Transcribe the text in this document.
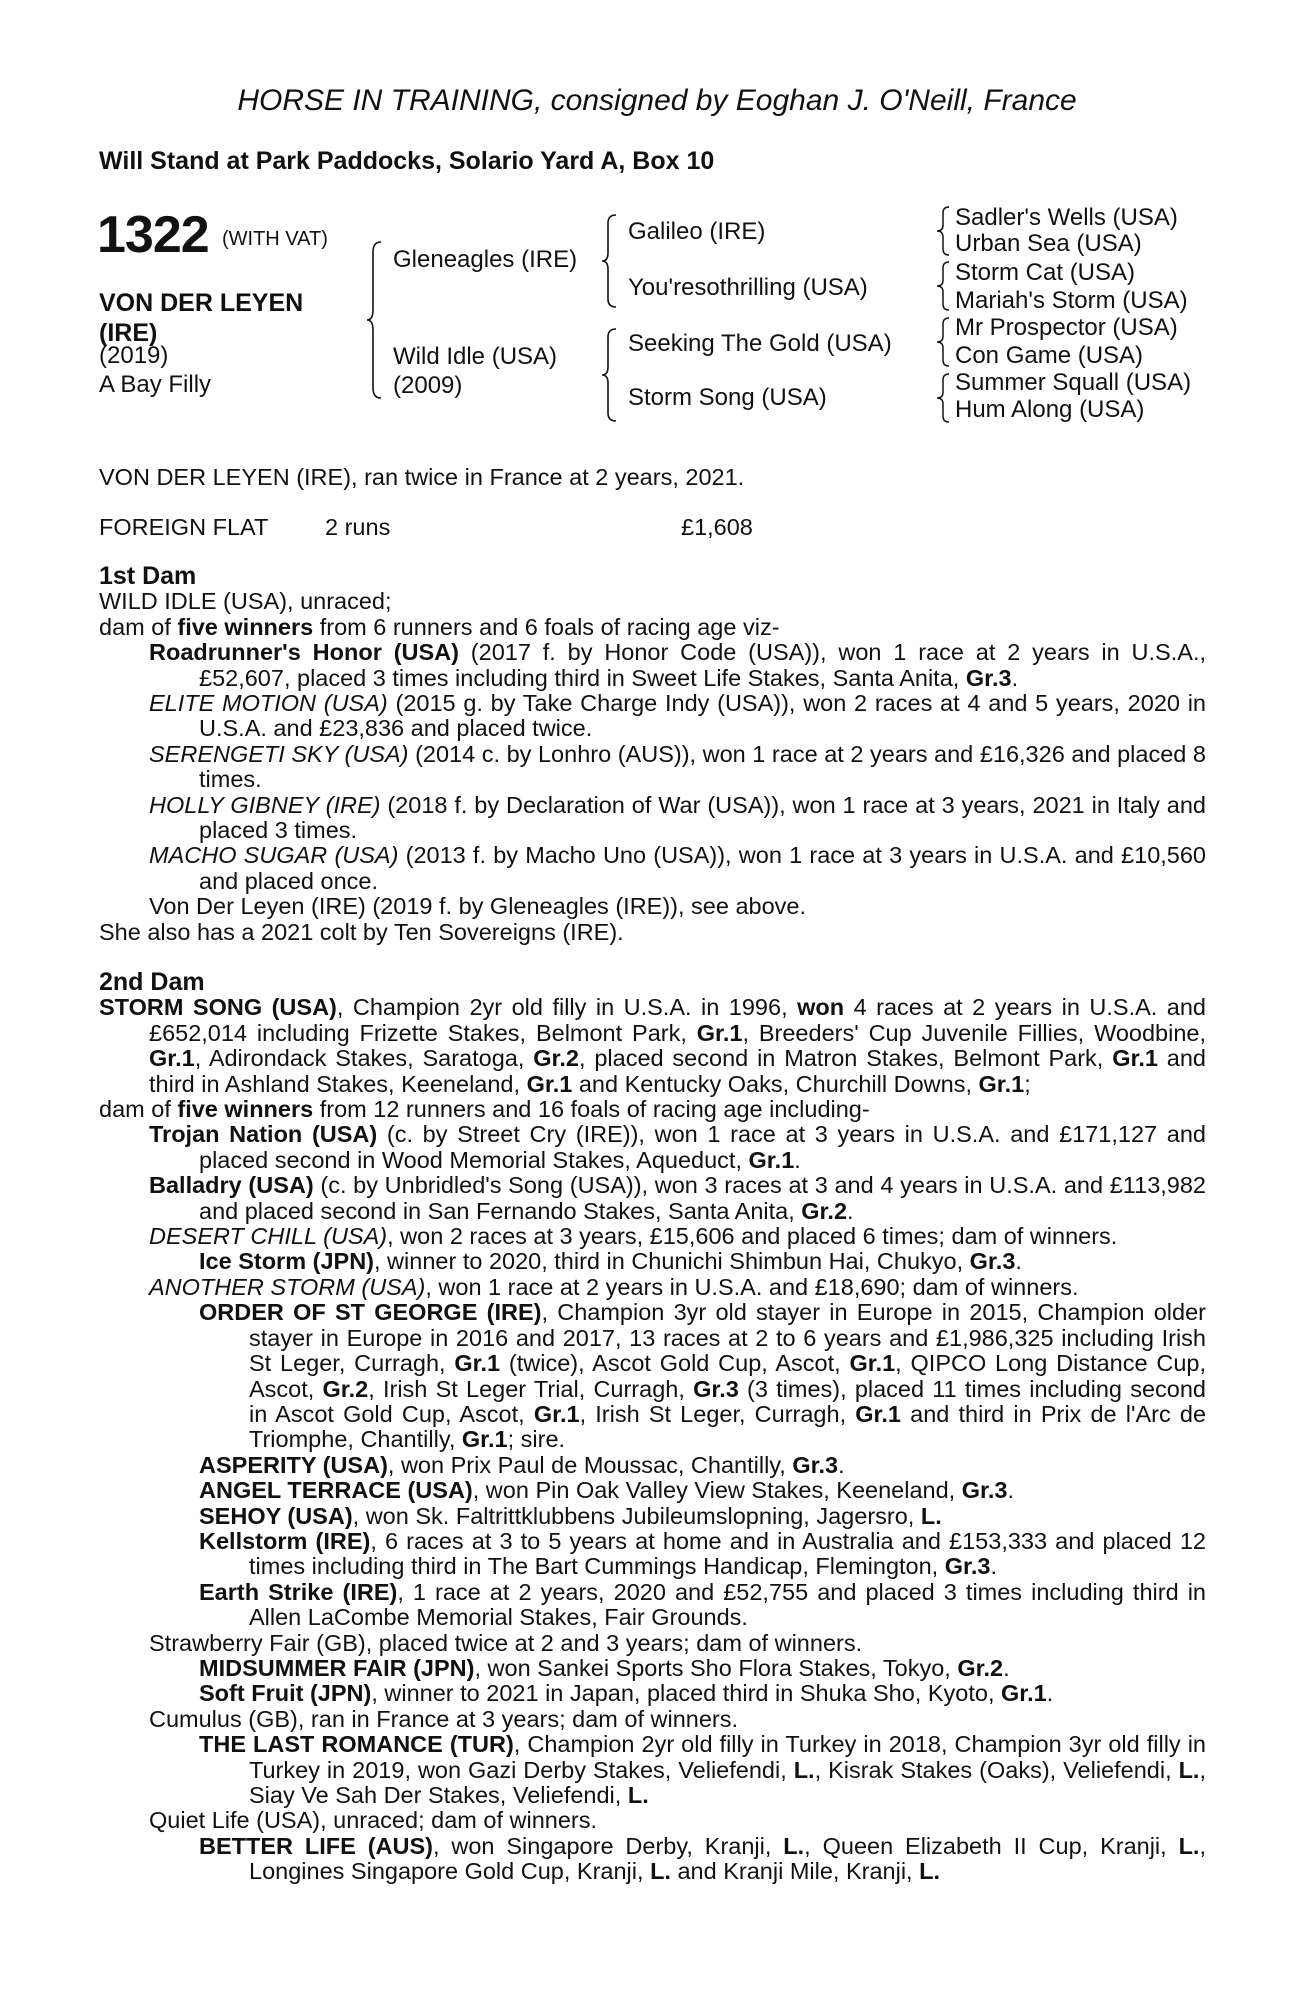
HORSE IN TRAINING, consigned by Eoghan J. O'Neill, France
Will Stand at Park Paddocks, Solario Yard A, Box 10
1322 (WITH VAT)
VON DER LEYEN (IRE)
(2019)
A Bay Filly
Gleneagles (IRE)
Wild Idle (USA)
(2009)
Galileo (IRE)
You'resothrilling (USA)
Seeking The Gold (USA)
Storm Song (USA)
Sadler's Wells (USA)
Urban Sea (USA)
Storm Cat (USA)
Mariah's Storm (USA)
Mr Prospector (USA)
Con Game (USA)
Summer Squall (USA)
Hum Along (USA)
VON DER LEYEN (IRE), ran twice in France at 2 years, 2021.
FOREIGN FLAT 2 runs	£1,608
1st Dam
WILD IDLE (USA), unraced;
dam of five winners from 6 runners and 6 foals of racing age viz-
Roadrunner's Honor (USA) (2017 f. by Honor Code (USA)), won 1 race at 2 years in U.S.A., £52,607, placed 3 times including third in Sweet Life Stakes, Santa Anita, Gr.3.
ELITE MOTION (USA) (2015 g. by Take Charge Indy (USA)), won 2 races at 4 and 5 years, 2020 in U.S.A. and £23,836 and placed twice.
SERENGETI SKY (USA) (2014 c. by Lonhro (AUS)), won 1 race at 2 years and £16,326 and placed 8 times.
HOLLY GIBNEY (IRE) (2018 f. by Declaration of War (USA)), won 1 race at 3 years, 2021 in Italy and placed 3 times.
MACHO SUGAR (USA) (2013 f. by Macho Uno (USA)), won 1 race at 3 years in U.S.A. and £10,560 and placed once.
Von Der Leyen (IRE) (2019 f. by Gleneagles (IRE)), see above.
She also has a 2021 colt by Ten Sovereigns (IRE).
2nd Dam
STORM SONG (USA), Champion 2yr old filly in U.S.A. in 1996, won 4 races at 2 years in U.S.A. and £652,014 including Frizette Stakes, Belmont Park, Gr.1, Breeders' Cup Juvenile Fillies, Woodbine, Gr.1, Adirondack Stakes, Saratoga, Gr.2, placed second in Matron Stakes, Belmont Park, Gr.1 and third in Ashland Stakes, Keeneland, Gr.1 and Kentucky Oaks, Churchill Downs, Gr.1;
dam of five winners from 12 runners and 16 foals of racing age including-
Trojan Nation (USA) (c. by Street Cry (IRE)), won 1 race at 3 years in U.S.A. and £171,127 and placed second in Wood Memorial Stakes, Aqueduct, Gr.1.
Balladry (USA) (c. by Unbridled's Song (USA)), won 3 races at 3 and 4 years in U.S.A. and £113,982 and placed second in San Fernando Stakes, Santa Anita, Gr.2.
DESERT CHILL (USA), won 2 races at 3 years, £15,606 and placed 6 times; dam of winners.
Ice Storm (JPN), winner to 2020, third in Chunichi Shimbun Hai, Chukyo, Gr.3.
ANOTHER STORM (USA), won 1 race at 2 years in U.S.A. and £18,690; dam of winners.
ORDER OF ST GEORGE (IRE), Champion 3yr old stayer in Europe in 2015, Champion older stayer in Europe in 2016 and 2017, 13 races at 2 to 6 years and £1,986,325 including Irish St Leger, Curragh, Gr.1 (twice), Ascot Gold Cup, Ascot, Gr.1, QIPCO Long Distance Cup, Ascot, Gr.2, Irish St Leger Trial, Curragh, Gr.3 (3 times), placed 11 times including second in Ascot Gold Cup, Ascot, Gr.1, Irish St Leger, Curragh, Gr.1 and third in Prix de l'Arc de Triomphe, Chantilly, Gr.1; sire.
ASPERITY (USA), won Prix Paul de Moussac, Chantilly, Gr.3.
ANGEL TERRACE (USA), won Pin Oak Valley View Stakes, Keeneland, Gr.3.
SEHOY (USA), won Sk. Faltrittklubbens Jubileumslopning, Jagersro, L.
Kellstorm (IRE), 6 races at 3 to 5 years at home and in Australia and £153,333 and placed 12 times including third in The Bart Cummings Handicap, Flemington, Gr.3.
Earth Strike (IRE), 1 race at 2 years, 2020 and £52,755 and placed 3 times including third in Allen LaCombe Memorial Stakes, Fair Grounds.
Strawberry Fair (GB), placed twice at 2 and 3 years; dam of winners.
MIDSUMMER FAIR (JPN), won Sankei Sports Sho Flora Stakes, Tokyo, Gr.2.
Soft Fruit (JPN), winner to 2021 in Japan, placed third in Shuka Sho, Kyoto, Gr.1.
Cumulus (GB), ran in France at 3 years; dam of winners.
THE LAST ROMANCE (TUR), Champion 2yr old filly in Turkey in 2018, Champion 3yr old filly in Turkey in 2019, won Gazi Derby Stakes, Veliefendi, L., Kisrak Stakes (Oaks), Veliefendi, L., Siay Ve Sah Der Stakes, Veliefendi, L.
Quiet Life (USA), unraced; dam of winners.
BETTER LIFE (AUS), won Singapore Derby, Kranji, L., Queen Elizabeth II Cup, Kranji, L., Longines Singapore Gold Cup, Kranji, L. and Kranji Mile, Kranji, L.
